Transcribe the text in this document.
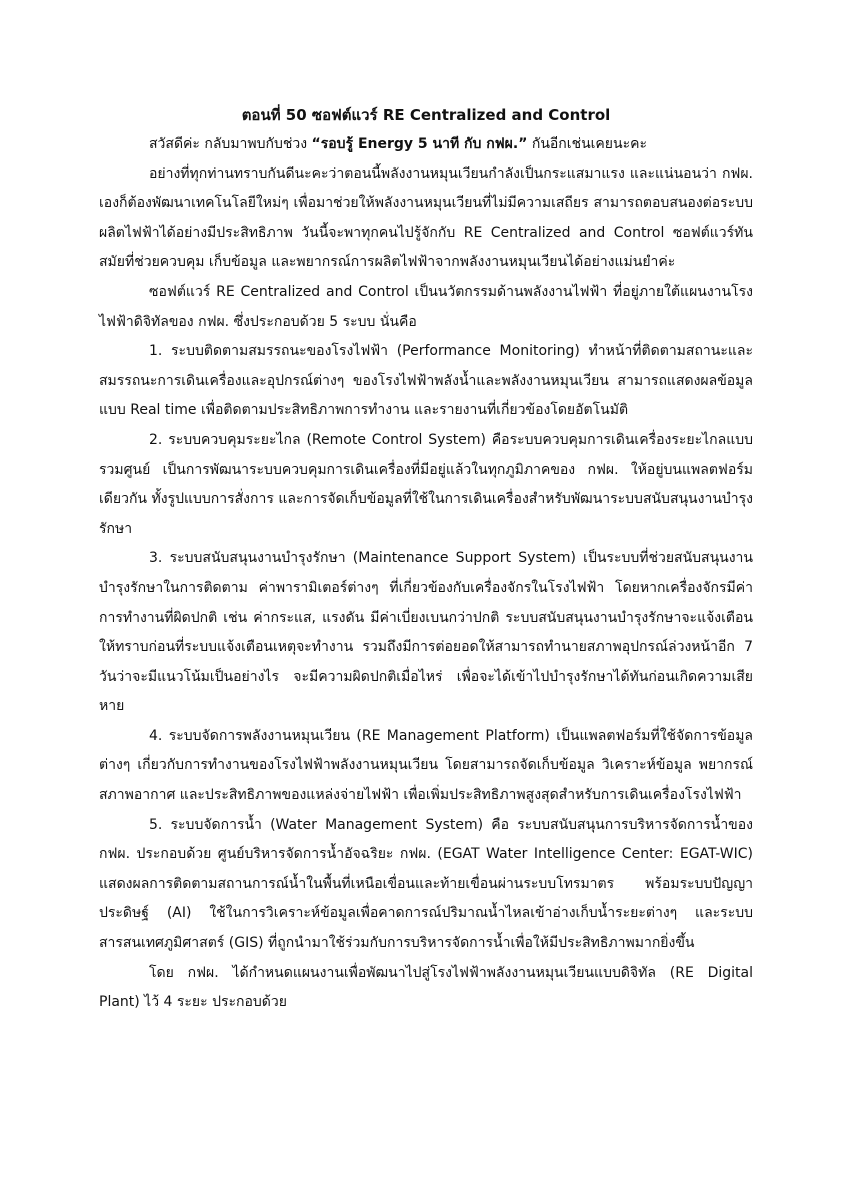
ตอนที่ 50 ซอฟต์แวร์ RE Centralized and Control

สวัสดีค่ะ กลับมาพบกับช่วง “รอบรู้ Energy 5 นาที กับ กฟผ.” กันอีกเช่นเคยนะคะ

อย่างที่ทุกท่านทราบกันดีนะคะว่าตอนนี้พลังงานหมุนเวียนกำลังเป็นกระแสมาแรง และแน่นอนว่า กฟผ. เองก็ต้องพัฒนาเทคโนโลยีใหม่ๆ เพื่อมาช่วยให้พลังงานหมุนเวียนที่ไม่มีความเสถียร สามารถตอบสนองต่อระบบผลิตไฟฟ้าได้อย่างมีประสิทธิภาพ วันนี้จะพาทุกคนไปรู้จักกับ RE Centralized and Control ซอฟต์แวร์ทันสมัยที่ช่วยควบคุม เก็บข้อมูล และพยากรณ์การผลิตไฟฟ้าจากพลังงานหมุนเวียนได้อย่างแม่นยำค่ะ

ซอฟต์แวร์ RE Centralized and Control เป็นนวัตกรรมด้านพลังงานไฟฟ้า ที่อยู่ภายใต้แผนงานโรงไฟฟ้าดิจิทัลของ กฟผ. ซึ่งประกอบด้วย 5 ระบบ นั่นคือ

1. ระบบติดตามสมรรถนะของโรงไฟฟ้า (Performance Monitoring) ทำหน้าที่ติดตามสถานะและสมรรถนะการเดินเครื่องและอุปกรณ์ต่างๆ ของโรงไฟฟ้าพลังน้ำและพลังงานหมุนเวียน สามารถแสดงผลข้อมูลแบบ Real time เพื่อติดตามประสิทธิภาพการทำงาน และรายงานที่เกี่ยวข้องโดยอัตโนมัติ

2. ระบบควบคุมระยะไกล (Remote Control System) คือระบบควบคุมการเดินเครื่องระยะไกลแบบรวมศูนย์ เป็นการพัฒนาระบบควบคุมการเดินเครื่องที่มีอยู่แล้วในทุกภูมิภาคของ กฟผ. ให้อยู่บนแพลตฟอร์มเดียวกัน ทั้งรูปแบบการสั่งการ และการจัดเก็บข้อมูลที่ใช้ในการเดินเครื่องสำหรับพัฒนาระบบสนับสนุนงานบำรุงรักษา

3. ระบบสนับสนุนงานบำรุงรักษา (Maintenance Support System) เป็นระบบที่ช่วยสนับสนุนงานบำรุงรักษาในการติดตาม ค่าพารามิเตอร์ต่างๆ ที่เกี่ยวข้องกับเครื่องจักรในโรงไฟฟ้า โดยหากเครื่องจักรมีค่าการทำงานที่ผิดปกติ เช่น ค่ากระแส, แรงดัน มีค่าเบี่ยงเบนกว่าปกติ ระบบสนับสนุนงานบำรุงรักษาจะแจ้งเตือนให้ทราบก่อนที่ระบบแจ้งเตือนเหตุจะทำงาน รวมถึงมีการต่อยอดให้สามารถทำนายสภาพอุปกรณ์ล่วงหน้าอีก 7 วันว่าจะมีแนวโน้มเป็นอย่างไร จะมีความผิดปกติเมื่อไหร่ เพื่อจะได้เข้าไปบำรุงรักษาได้ทันก่อนเกิดความเสียหาย

4. ระบบจัดการพลังงานหมุนเวียน (RE Management Platform) เป็นแพลตฟอร์มที่ใช้จัดการข้อมูลต่างๆ เกี่ยวกับการทำงานของโรงไฟฟ้าพลังงานหมุนเวียน โดยสามารถจัดเก็บข้อมูล วิเคราะห์ข้อมูล พยากรณ์สภาพอากาศ และประสิทธิภาพของแหล่งจ่ายไฟฟ้า เพื่อเพิ่มประสิทธิภาพสูงสุดสำหรับการเดินเครื่องโรงไฟฟ้า

5. ระบบจัดการน้ำ (Water Management System) คือ ระบบสนับสนุนการบริหารจัดการน้ำของ กฟผ. ประกอบด้วย ศูนย์บริหารจัดการน้ำอัจฉริยะ กฟผ. (EGAT Water Intelligence Center: EGAT-WIC) แสดงผลการติดตามสถานการณ์น้ำในพื้นที่เหนือเขื่อนและท้ายเขื่อนผ่านระบบโทรมาตร พร้อมระบบปัญญาประดิษฐ์ (AI) ใช้ในการวิเคราะห์ข้อมูลเพื่อคาดการณ์ปริมาณน้ำไหลเข้าอ่างเก็บน้ำระยะต่างๆ และระบบสารสนเทศภูมิศาสตร์ (GIS) ที่ถูกนำมาใช้ร่วมกับการบริหารจัดการน้ำเพื่อให้มีประสิทธิภาพมากยิ่งขึ้น

โดย กฟผ. ได้กำหนดแผนงานเพื่อพัฒนาไปสู่โรงไฟฟ้าพลังงานหมุนเวียนแบบดิจิทัล (RE Digital Plant) ไว้ 4 ระยะ ประกอบด้วย
